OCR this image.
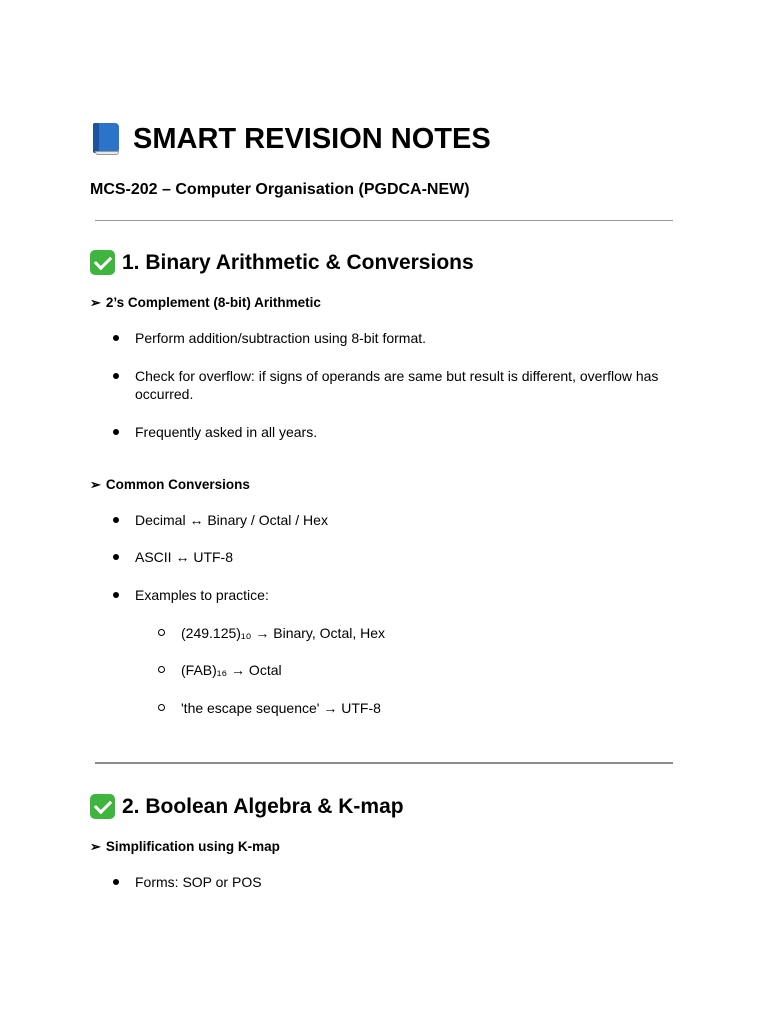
SMART REVISION NOTES
MCS-202 – Computer Organisation (PGDCA-NEW)
1. Binary Arithmetic & Conversions
➢ 2’s Complement (8-bit) Arithmetic
Perform addition/subtraction using 8-bit format.
Check for overflow: if signs of operands are same but result is different, overflow has occurred.
Frequently asked in all years.
➢ Common Conversions
Decimal ↔ Binary / Octal / Hex
ASCII ↔ UTF-8
Examples to practice:
(249.125)₁₀ → Binary, Octal, Hex
(FAB)₁₆ → Octal
'the escape sequence' → UTF-8
2. Boolean Algebra & K-map
➢ Simplification using K-map
Forms: SOP or POS
